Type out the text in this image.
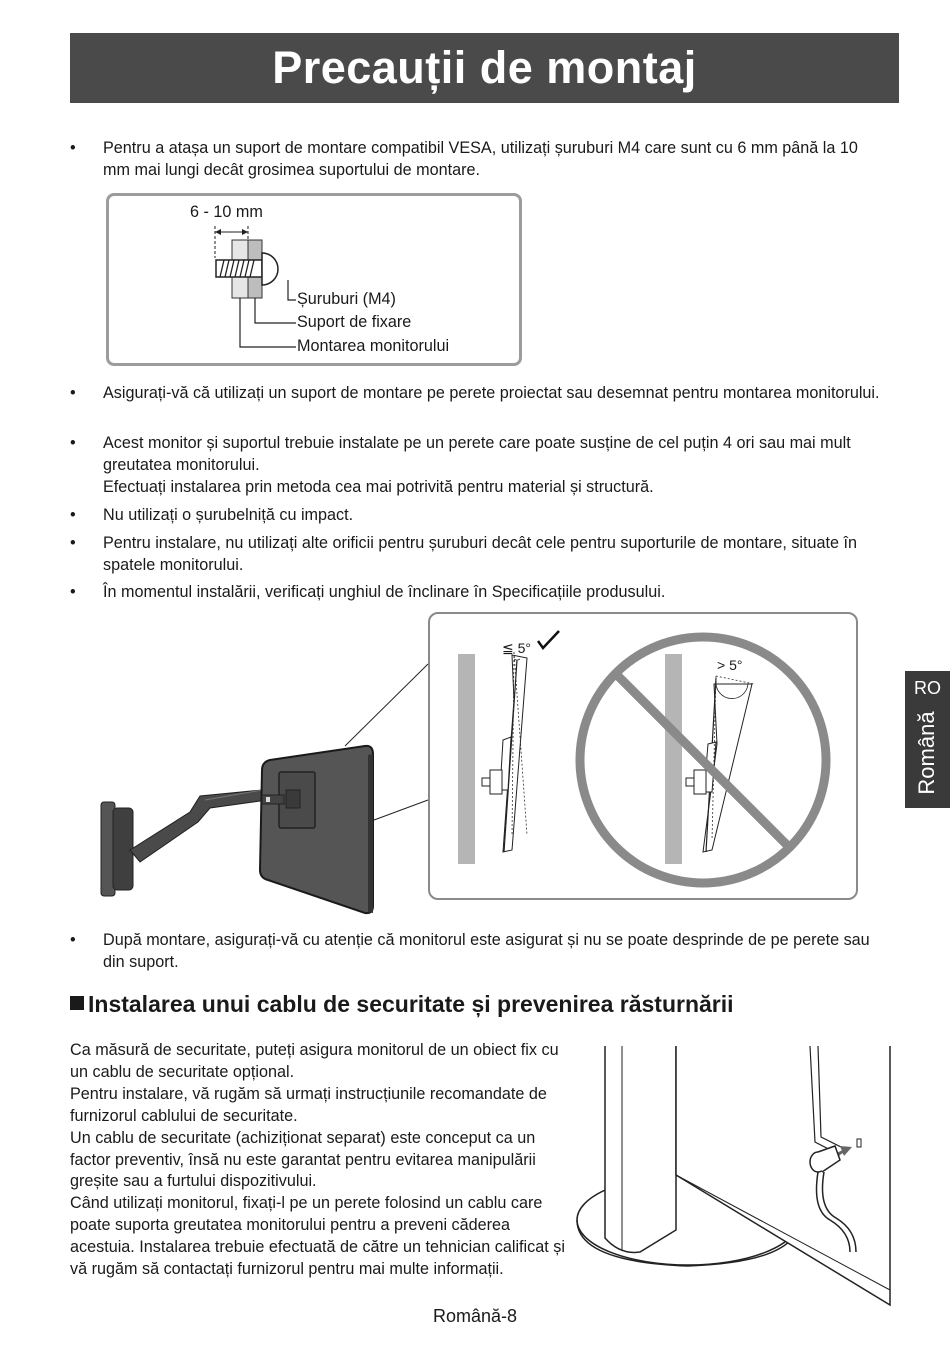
Precauții de montaj
• Pentru a atașa un suport de montare compatibil VESA, utilizați șuruburi M4 care sunt cu 6 mm până la 10 mm mai lungi decât grosimea suportului de montare.
6 - 10 mm
Șuruburi (M4)
Suport de fixare
Montarea monitorului
• Asigurați-vă că utilizați un suport de montare pe perete proiectat sau desemnat pentru montarea monitorului.
• Acest monitor și suportul trebuie instalate pe un perete care poate susține de cel puțin 4 ori sau mai mult greutatea monitorului.
Efectuați instalarea prin metoda cea mai potrivită pentru material și structură.
• Nu utilizați o șurubelniță cu impact.
• Pentru instalare, nu utilizați alte orificii pentru șuruburi decât cele pentru suporturile de montare, situate în spatele monitorului.
• În momentul instalării, verificați unghiul de înclinare în Specificațiile produsului.
≦ 5°
> 5°
• După montare, asigurați-vă cu atenție că monitorul este asigurat și nu se poate desprinde de pe perete sau din suport.
Instalarea unui cablu de securitate și prevenirea răsturnării

Ca măsură de securitate, puteți asigura monitorul de un obiect fix cu un cablu de securitate opțional.

Pentru instalare, vă rugăm să urmați instrucțiunile recomandate de furnizorul cablului de securitate.

Un cablu de securitate (achiziționat separat) este conceput ca un factor preventiv, însă nu este garantat pentru evitarea manipulării greșite sau a furtului dispozitivului.

Când utilizați monitorul, fixați-l pe un perete folosind un cablu care poate suporta greutatea monitorului pentru a preveni căderea acestuia. Instalarea trebuie efectuată de către un tehnician calificat și vă rugăm să contactați furnizorul pentru mai multe informații.

RO
Română
Română-8
